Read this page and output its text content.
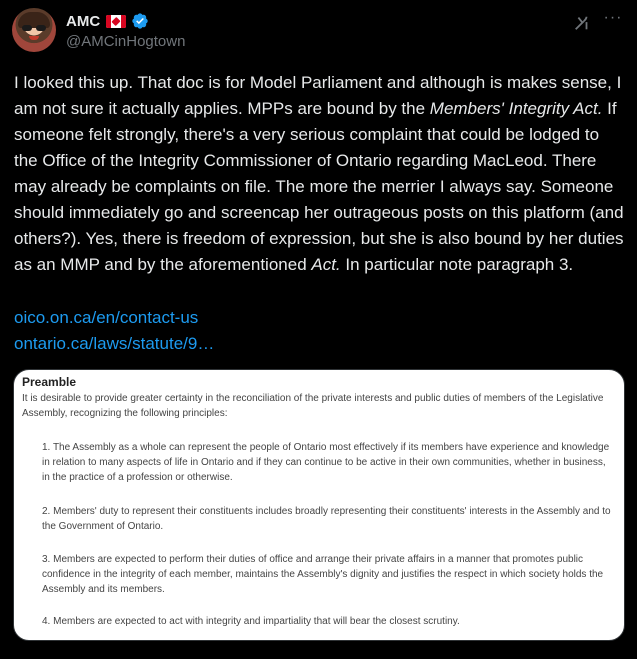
AMC
@AMCinHogtown
···
I looked this up. That doc is for Model Parliament and although is makes sense, I am not sure it actually applies. MPPs are bound by the Members' Integrity Act. If someone felt strongly, there's a very serious complaint that could be lodged to the Office of the Integrity Commissioner of Ontario regarding MacLeod. There may already be complaints on file. The more the merrier I always say. Someone should immediately go and screencap her outrageous posts on this platform (and others?). Yes, there is freedom of expression, but she is also bound by her duties as an MMP and by the aforementioned Act. In particular note paragraph 3.
oico.on.ca/en/contact-us
ontario.ca/laws/statute/9…
Preamble
It is desirable to provide greater certainty in the reconciliation of the private interests and public duties of members of the Legislative Assembly, recognizing the following principles:
1. The Assembly as a whole can represent the people of Ontario most effectively if its members have experience and knowledge in relation to many aspects of life in Ontario and if they can continue to be active in their own communities, whether in business, in the practice of a profession or otherwise.
2. Members' duty to represent their constituents includes broadly representing their constituents' interests in the Assembly and to the Government of Ontario.
3. Members are expected to perform their duties of office and arrange their private affairs in a manner that promotes public confidence in the integrity of each member, maintains the Assembly's dignity and justifies the respect in which society holds the Assembly and its members.
4. Members are expected to act with integrity and impartiality that will bear the closest scrutiny.
